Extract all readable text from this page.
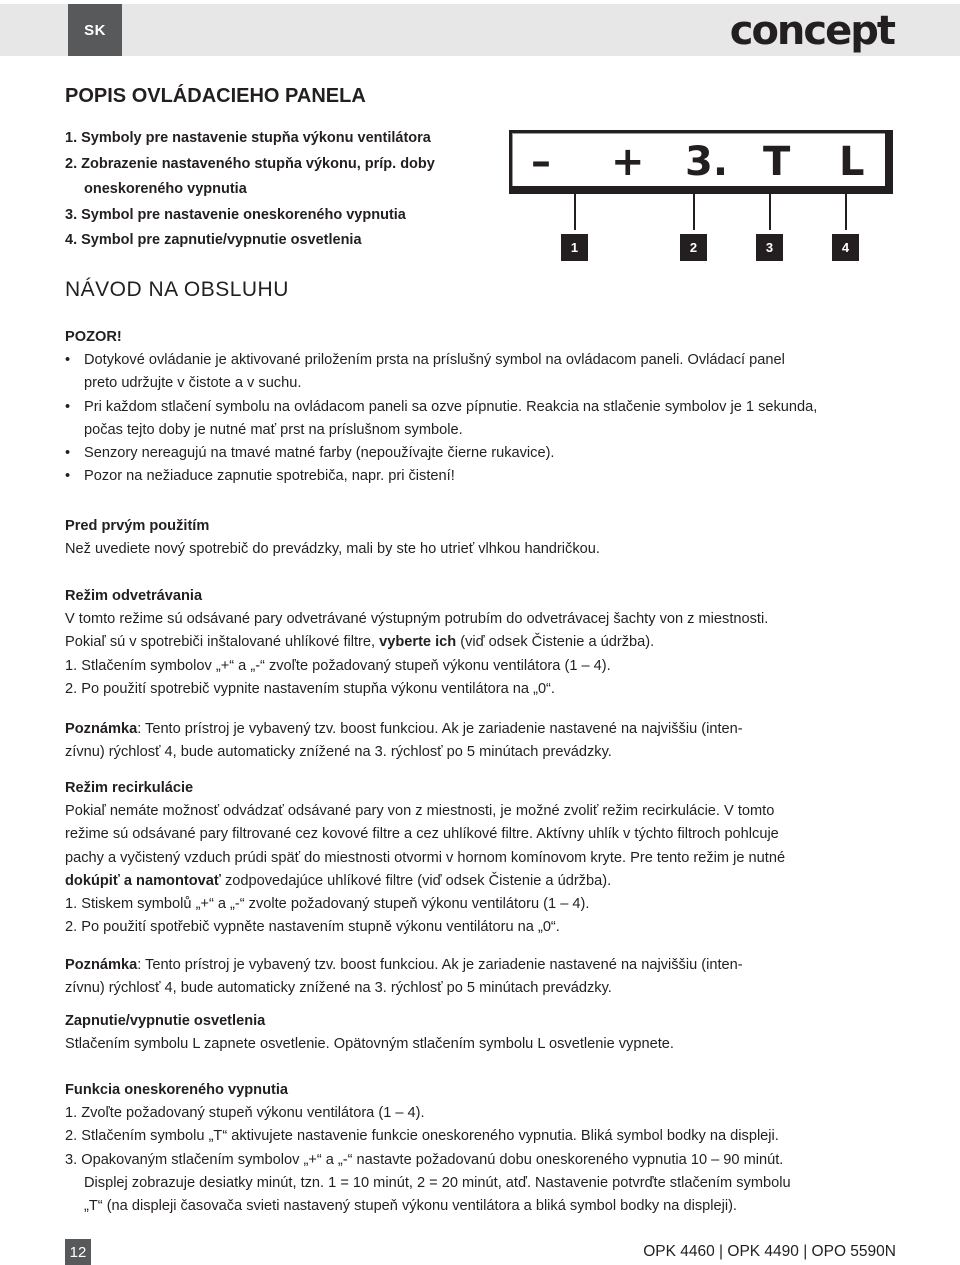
SK	concept
POPIS OVLÁDACIEHO PANELA
1. Symboly pre nastavenie stupňa výkonu ventilátora
2. Zobrazenie nastaveného stupňa výkonu, príp. doby
oneskoreného vypnutia
3. Symbol pre nastavenie oneskoreného vypnutia
4. Symbol pre zapnutie/vypnutie osvetlenia
– + 3. T L
1	2	3	4
NÁVOD NA OBSLUHU

POZOR!

• Dotykové ovládanie je aktivované priložením prsta na príslušný symbol na ovládacom paneli. Ovládací panel
preto udržujte v čistote a v suchu.
• Pri každom stlačení symbolu na ovládacom paneli sa ozve pípnutie. Reakcia na stlačenie symbolov je 1 sekunda,
počas tejto doby je nutné mať prst na príslušnom symbole.
• Senzory nereagujú na tmavé matné farby (nepoužívajte čierne rukavice).
• Pozor na nežiaduce zapnutie spotrebiča, napr. pri čistení!

Pred prvým použitím

Než uvediete nový spotrebič do prevádzky, mali by ste ho utrieť vlhkou handričkou.

Režim odvetrávania

V tomto režime sú odsávané pary odvetrávané výstupným potrubím do odvetrávacej šachty von z miestnosti.

Pokiaľ sú v spotrebiči inštalované uhlíkové filtre, vyberte ich (viď odsek Čistenie a údržba).

1. Stlačením symbolov „+“ a „-“ zvoľte požadovaný stupeň výkonu ventilátora (1 – 4).

2. Po použití spotrebič vypnite nastavením stupňa výkonu ventilátora na „0“.

Poznámka: Tento prístroj je vybavený tzv. boost funkciou. Ak je zariadenie nastavené na najviššiu (inten-

zívnu) rýchlosť 4, bude automaticky znížené na 3. rýchlosť po 5 minútach prevádzky.

Režim recirkulácie

Pokiaľ nemáte možnosť odvádzať odsávané pary von z miestnosti, je možné zvoliť režim recirkulácie. V tomto

režime sú odsávané pary filtrované cez kovové filtre a cez uhlíkové filtre. Aktívny uhlík v týchto filtroch pohlcuje

pachy a vyčistený vzduch prúdi späť do miestnosti otvormi v hornom komínovom kryte. Pre tento režim je nutné

dokúpiť a namontovať zodpovedajúce uhlíkové filtre (viď odsek Čistenie a údržba).

1. Stiskem symbolů „+“ a „-“ zvolte požadovaný stupeň výkonu ventilátoru (1 – 4).

2. Po použití spotřebič vypněte nastavením stupně výkonu ventilátoru na „0“.

Poznámka: Tento prístroj je vybavený tzv. boost funkciou. Ak je zariadenie nastavené na najviššiu (inten-

zívnu) rýchlosť 4, bude automaticky znížené na 3. rýchlosť po 5 minútach prevádzky.

Zapnutie/vypnutie osvetlenia

Stlačením symbolu L zapnete osvetlenie. Opätovným stlačením symbolu L osvetlenie vypnete.

Funkcia oneskoreného vypnutia

1. Zvoľte požadovaný stupeň výkonu ventilátora (1 – 4).

2. Stlačením symbolu „T“ aktivujete nastavenie funkcie oneskoreného vypnutia. Bliká symbol bodky na displeji.

3. Opakovaným stlačením symbolov „+“ a „-“ nastavte požadovanú dobu oneskoreného vypnutia 10 – 90 minút.

Displej zobrazuje desiatky minút, tzn. 1 = 10 minút, 2 = 20 minút, atď. Nastavenie potvrďte stlačením symbolu

„T“ (na displeji časovača svieti nastavený stupeň výkonu ventilátora a bliká symbol bodky na displeji).

12	OPK 4460 | OPK 4490 | OPO 5590N
